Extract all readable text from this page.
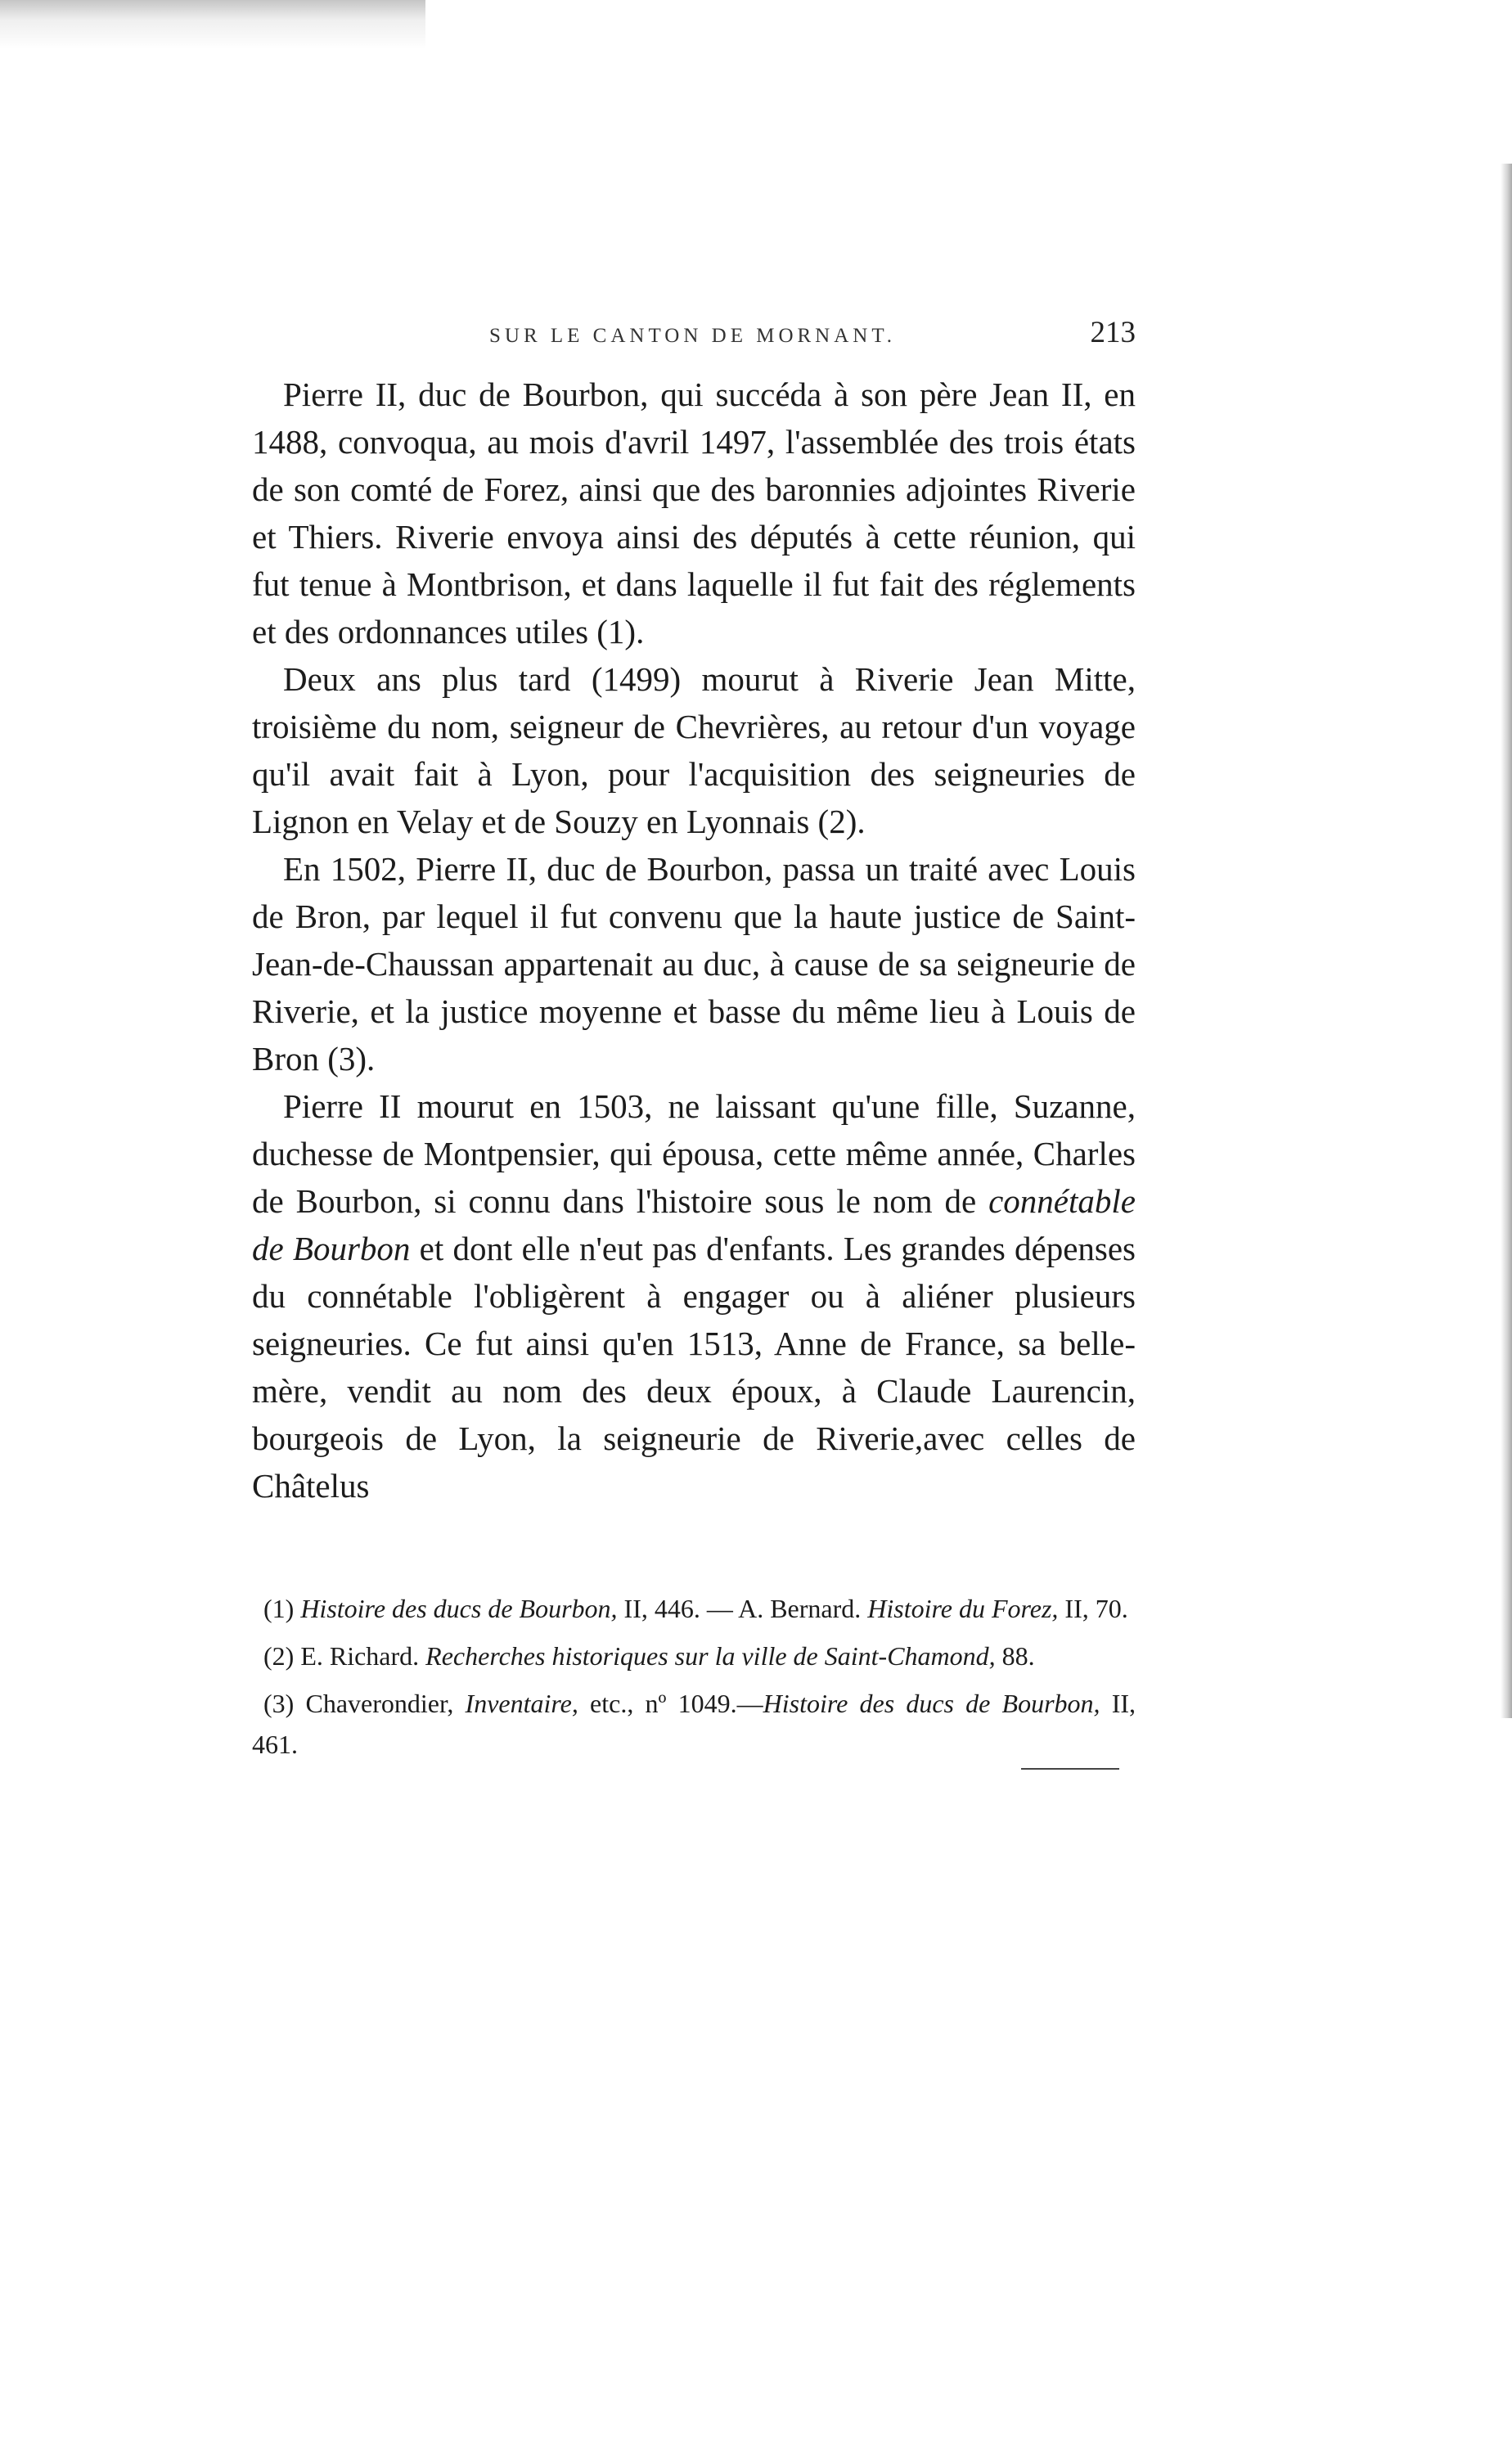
SUR LE CANTON DE MORNANT.	213

Pierre II, duc de Bourbon, qui succéda à son père Jean II, en 1488, convoqua, au mois d'avril 1497, l'assemblée des trois états de son comté de Forez, ainsi que des baronnies adjointes Riverie et Thiers. Riverie envoya ainsi des députés à cette réunion, qui fut tenue à Montbrison, et dans laquelle il fut fait des réglements et des ordonnances utiles (1).

Deux ans plus tard (1499) mourut à Riverie Jean Mitte, troisième du nom, seigneur de Chevrières, au retour d'un voyage qu'il avait fait à Lyon, pour l'acquisition des seigneuries de Lignon en Velay et de Souzy en Lyonnais (2).

En 1502, Pierre II, duc de Bourbon, passa un traité avec Louis de Bron, par lequel il fut convenu que la haute justice de Saint-Jean-de-Chaussan appartenait au duc, à cause de sa seigneurie de Riverie, et la justice moyenne et basse du même lieu à Louis de Bron (3).

Pierre II mourut en 1503, ne laissant qu'une fille, Suzanne, duchesse de Montpensier, qui épousa, cette même année, Charles de Bourbon, si connu dans l'histoire sous le nom de connétable de Bourbon et dont elle n'eut pas d'enfants. Les grandes dépenses du connétable l'obligèrent à engager ou à aliéner plusieurs seigneuries. Ce fut ainsi qu'en 1513, Anne de France, sa belle-mère, vendit au nom des deux époux, à Claude Laurencin, bourgeois de Lyon, la seigneurie de Riverie,avec celles de Châtelus

(1) Histoire des ducs de Bourbon, II, 446. — A. Bernard. Histoire du Forez, II, 70.

(2) E. Richard. Recherches historiques sur la ville de Saint-Chamond, 88.

(3) Chaverondier, Inventaire, etc., nº 1049.—Histoire des ducs de Bourbon, II, 461.
